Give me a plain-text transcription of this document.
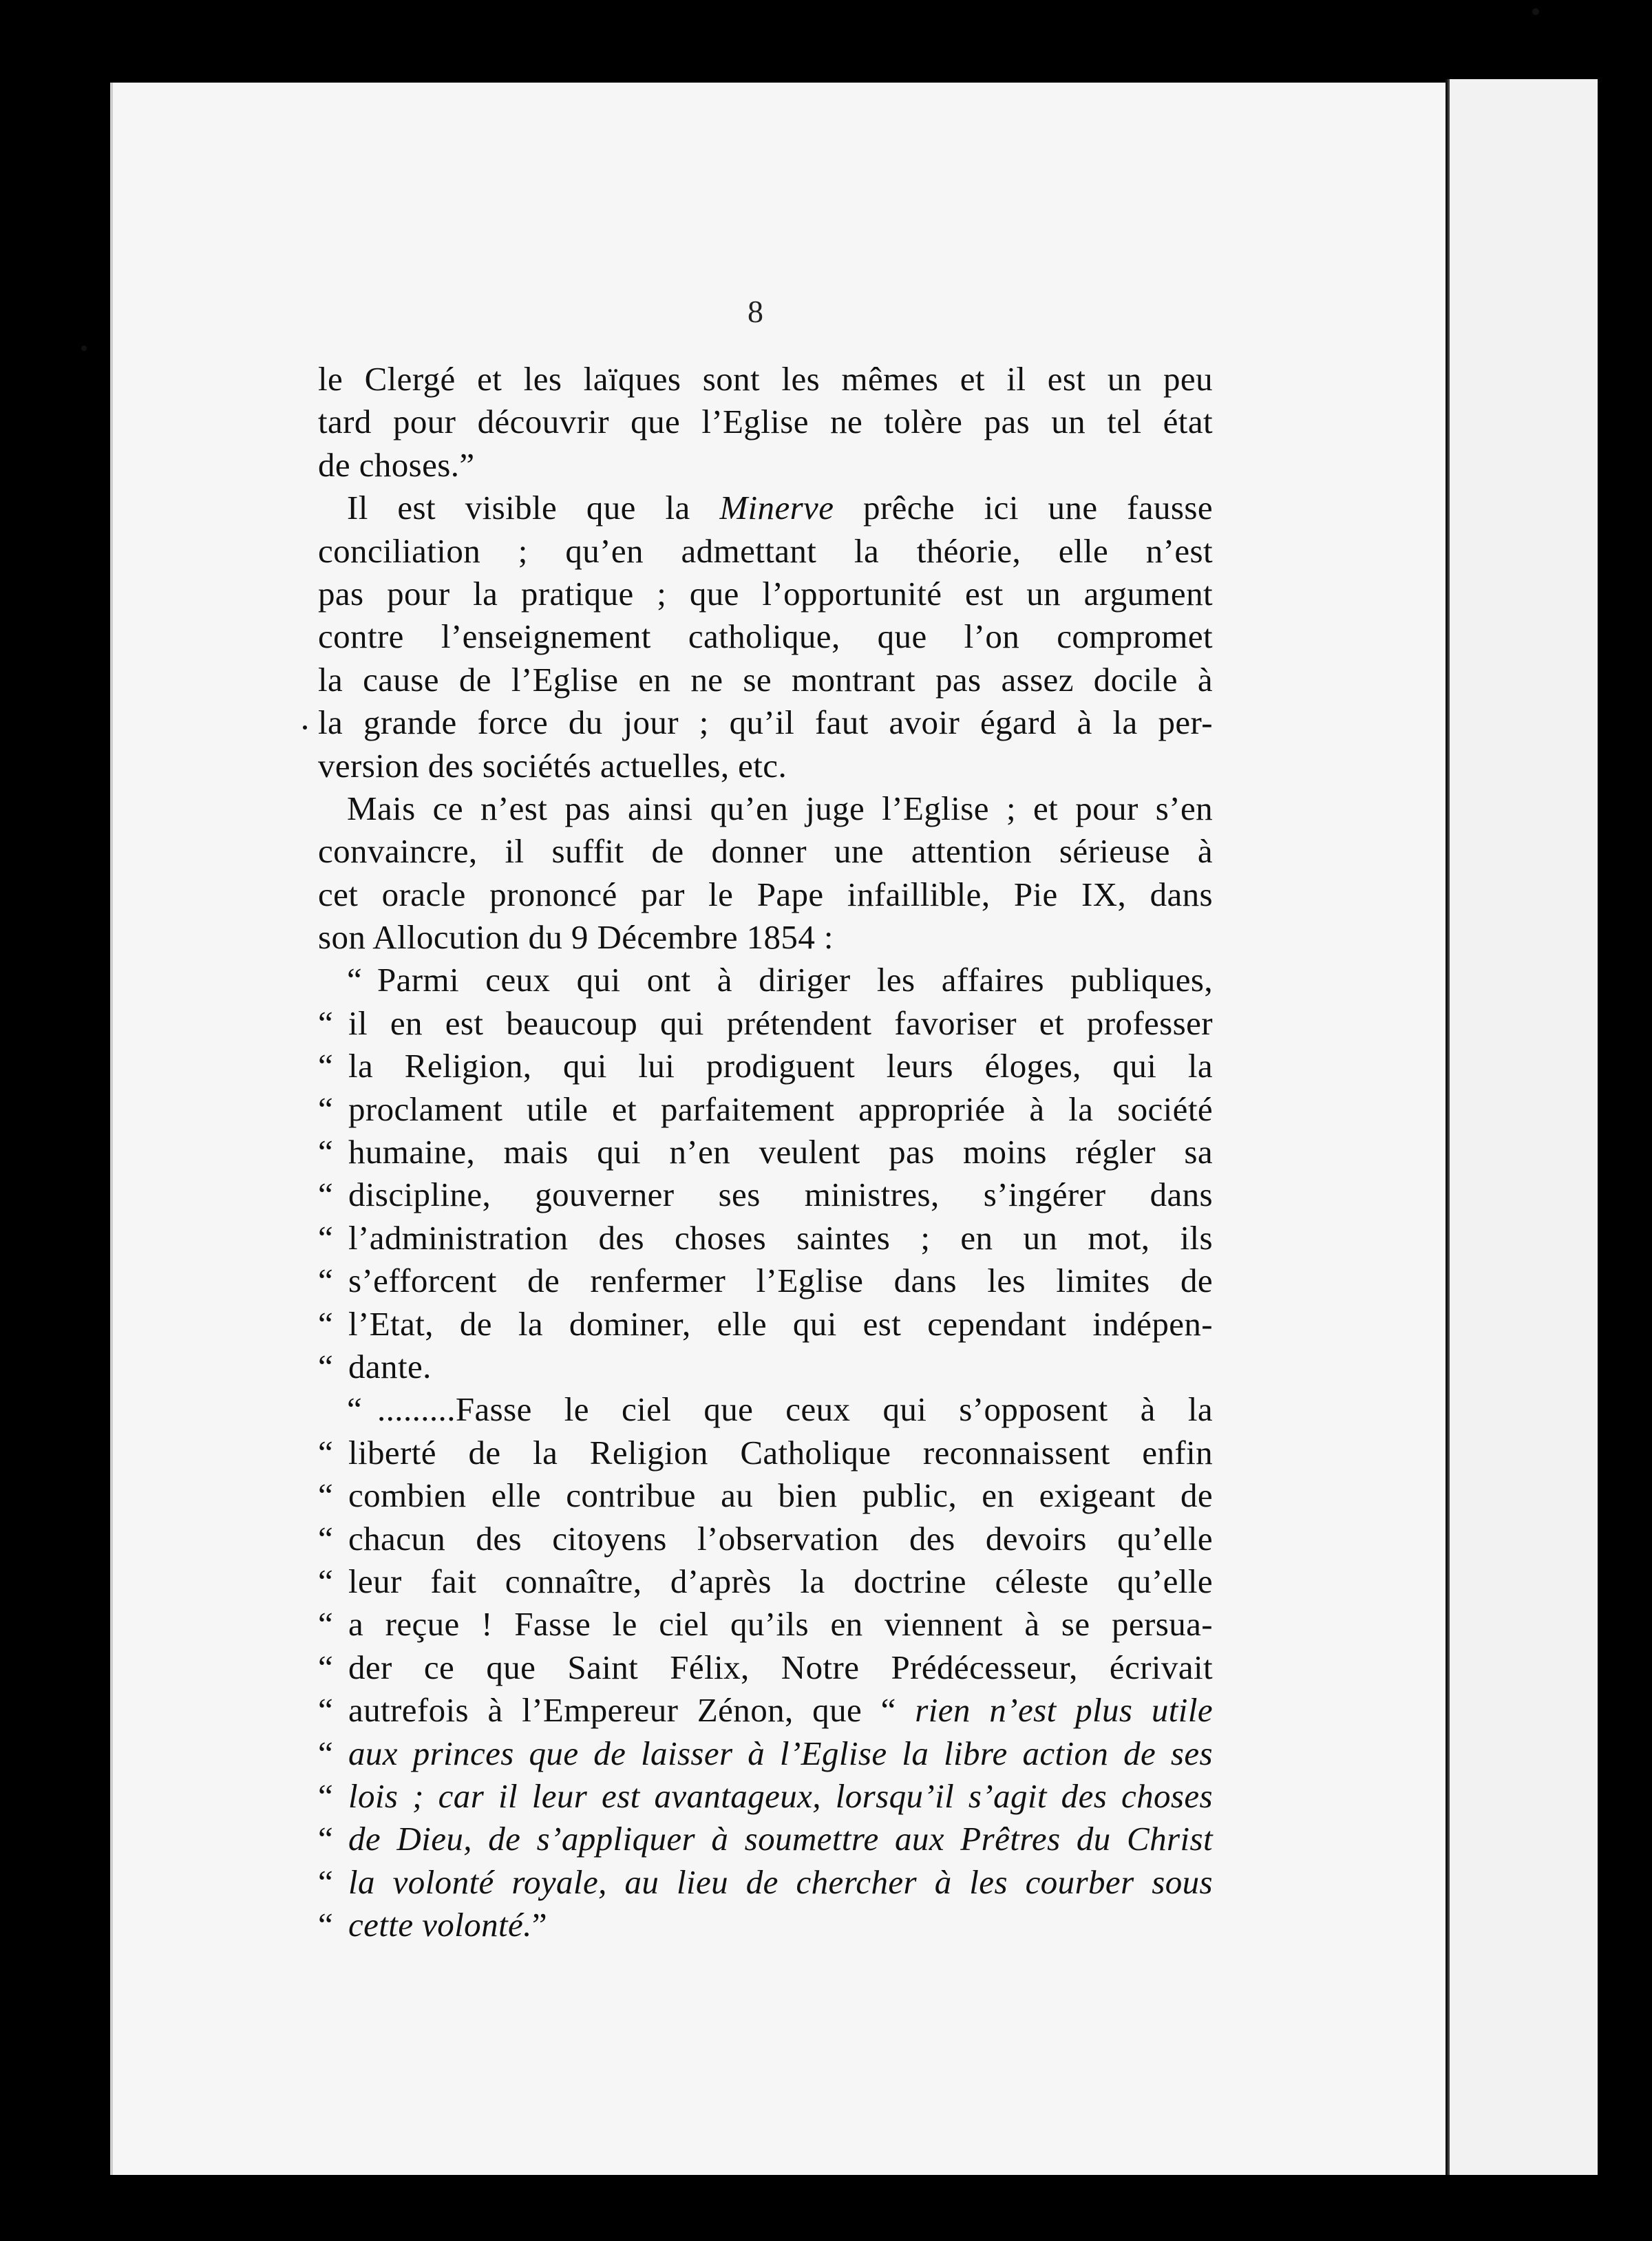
8
le Clergé et les laïques sont les mêmes et il est un peu
tard pour découvrir que l’Eglise ne tolère pas un tel état
de choses.”
Il est visible que la Minerve prêche ici une fausse
conciliation ; qu’en admettant la théorie, elle n’est
pas pour la pratique ; que l’opportunité est un argument
contre l’enseignement catholique, que l’on compromet
la cause de l’Eglise en ne se montrant pas assez docile à
la grande force du jour ; qu’il faut avoir égard à la per-
version des sociétés actuelles, etc.
Mais ce n’est pas ainsi qu’en juge l’Eglise ; et pour s’en
convaincre, il suffit de donner une attention sérieuse à
cet oracle prononcé par le Pape infaillible, Pie IX, dans
son Allocution du 9 Décembre 1854 :
“ Parmi ceux qui ont à diriger les affaires publiques,
“ il en est beaucoup qui prétendent favoriser et professer
“ la Religion, qui lui prodiguent leurs éloges, qui la
“ proclament utile et parfaitement appropriée à la société
“ humaine, mais qui n’en veulent pas moins régler sa
“ discipline, gouverner ses ministres, s’ingérer dans
“ l’administration des choses saintes ; en un mot, ils
“ s’efforcent de renfermer l’Eglise dans les limites de
“ l’Etat, de la dominer, elle qui est cependant indépen-
“ dante.
“ .........Fasse le ciel que ceux qui s’opposent à la
“ liberté de la Religion Catholique reconnaissent enfin
“ combien elle contribue au bien public, en exigeant de
“ chacun des citoyens l’observation des devoirs qu’elle
“ leur fait connaître, d’après la doctrine céleste qu’elle
“ a reçue ! Fasse le ciel qu’ils en viennent à se persua-
“ der ce que Saint Félix, Notre Prédécesseur, écrivait
“ autrefois à l’Empereur Zénon, que “ rien n’est plus utile
“ aux princes que de laisser à l’Eglise la libre action de ses
“ lois ; car il leur est avantageux, lorsqu’il s’agit des choses
“ de Dieu, de s’appliquer à soumettre aux Prêtres du Christ
“ la volonté royale, au lieu de chercher à les courber sous
“ cette volonté.”
